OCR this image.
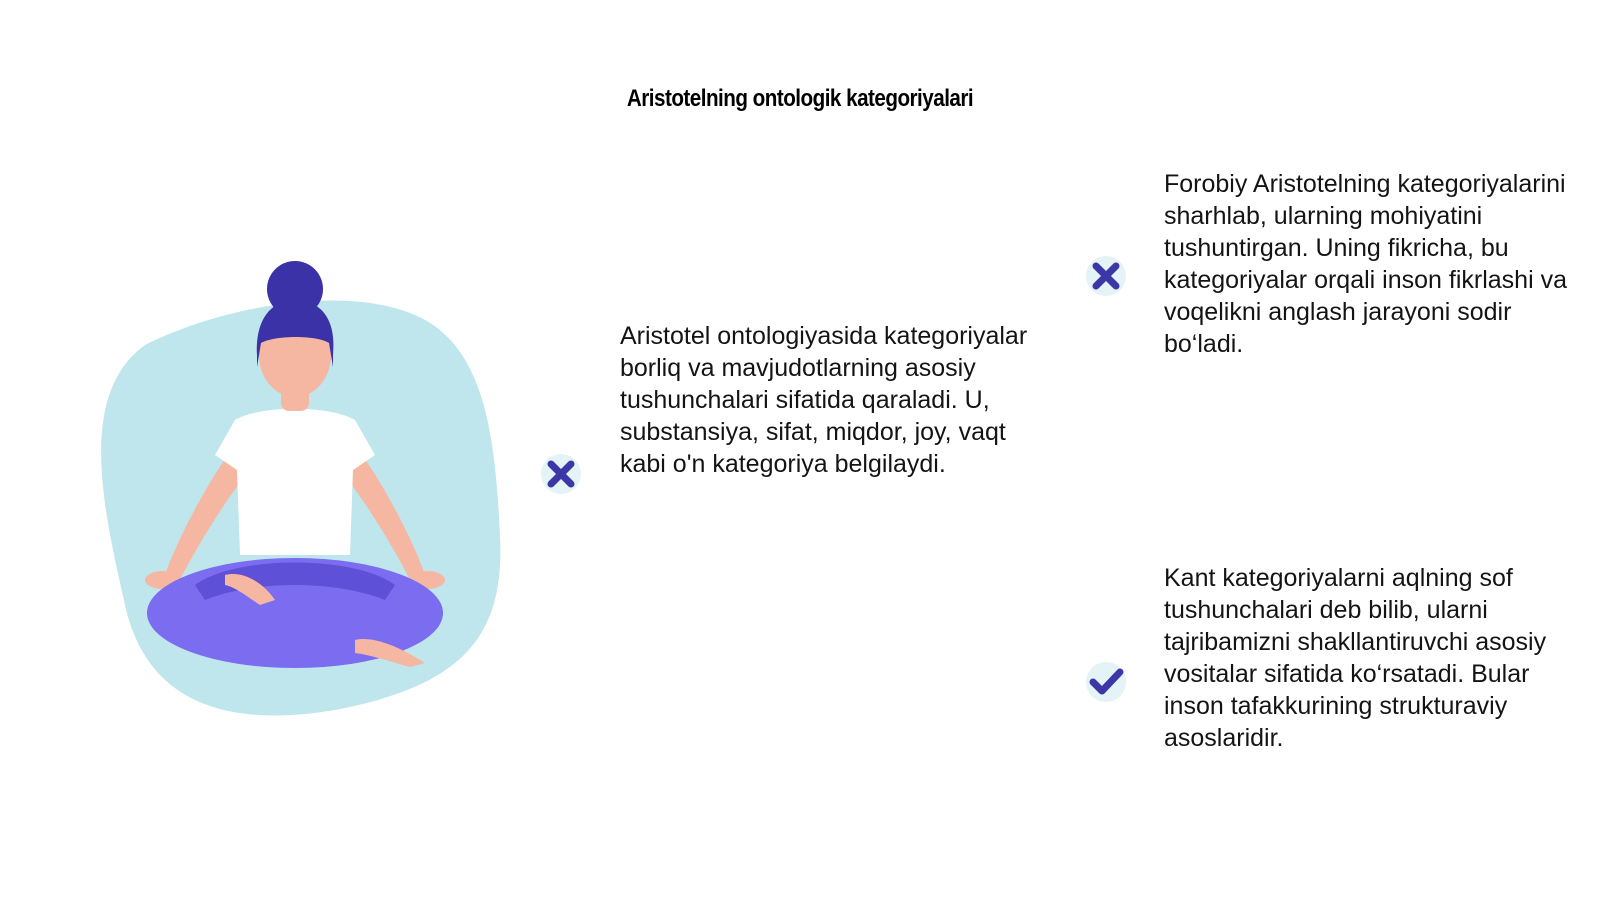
Aristotelning ontologik kategoriyalari

Aristotel ontologiyasida kategoriyalar borliq va mavjudotlarning asosiy tushunchalari sifatida qaraladi. U, substansiya, sifat, miqdor, joy, vaqt kabi o'n kategoriya belgilaydi.

Forobiy Aristotelning kategoriyalarini sharhlab, ularning mohiyatini tushuntirgan. Uning fikricha, bu kategoriyalar orqali inson fikrlashi va voqelikni anglash jarayoni sodir bo‘ladi.

Kant kategoriyalarni aqlning sof tushunchalari deb bilib, ularni tajribamizni shakllantiruvchi asosiy vositalar sifatida ko‘rsatadi. Bular inson tafakkurining strukturaviy asoslaridir.
